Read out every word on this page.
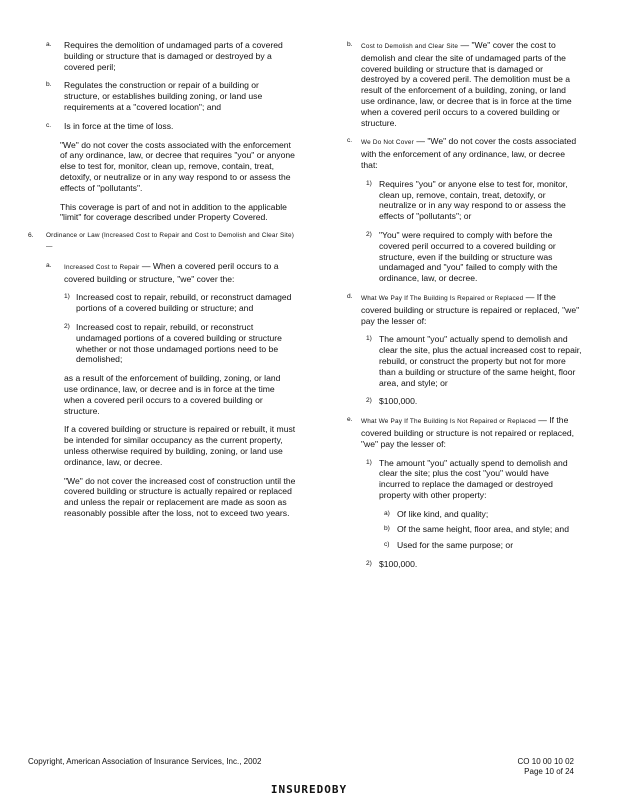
a. Requires the demolition of undamaged parts of a covered building or structure that is damaged or destroyed by a covered peril;
b. Regulates the construction or repair of a building or structure, or establishes building zoning, or land use requirements at a "covered location"; and
c. Is in force at the time of loss.
"We" do not cover the costs associated with the enforcement of any ordinance, law, or decree that requires "you" or anyone else to test for, monitor, clean up, remove, contain, treat, detoxify, or neutralize or in any way respond to or assess the effects of "pollutants".
This coverage is part of and not in addition to the applicable "limit" for coverage described under Property Covered.
6. Ordinance or Law (Increased Cost to Repair and Cost to Demolish and Clear Site) —
a. Increased Cost to Repair — When a covered peril occurs to a covered building or structure, "we" cover the:
1) Increased cost to repair, rebuild, or reconstruct damaged portions of a covered building or structure; and
2) Increased cost to repair, rebuild, or reconstruct undamaged portions of a covered building or structure whether or not those undamaged portions need to be demolished;
as a result of the enforcement of building, zoning, or land use ordinance, law, or decree and is in force at the time when a covered peril occurs to a covered building or structure.
If a covered building or structure is repaired or rebuilt, it must be intended for similar occupancy as the current property, unless otherwise required by building, zoning, or land use ordinance, law, or decree.
"We" do not cover the increased cost of construction until the covered building or structure is actually repaired or replaced and unless the repair or replacement are made as soon as reasonably possible after the loss, not to exceed two years.
b. Cost to Demolish and Clear Site — "We" cover the cost to demolish and clear the site of undamaged parts of the covered building or structure that is damaged or destroyed by a covered peril. The demolition must be a result of the enforcement of a building, zoning, or land use ordinance, law, or decree that is in force at the time when a covered peril occurs to a covered building or structure.
c. We Do Not Cover — "We" do not cover the costs associated with the enforcement of any ordinance, law, or decree that:
1) Requires "you" or anyone else to test for, monitor, clean up, remove, contain, treat, detoxify, or neutralize or in any way respond to or assess the effects of "pollutants"; or
2) "You" were required to comply with before the covered peril occurred to a covered building or structure, even if the building or structure was undamaged and "you" failed to comply with the ordinance, law, or decree.
d. What We Pay If The Building Is Repaired or Replaced — If the covered building or structure is repaired or replaced, "we" pay the lesser of:
1) The amount "you" actually spend to demolish and clear the site, plus the actual increased cost to repair, rebuild, or construct the property but not for more than a building or structure of the same height, floor area, and style; or
2) $100,000.
e. What We Pay If The Building Is Not Repaired or Replaced — If the covered building or structure is not repaired or replaced, "we" pay the lesser of:
1) The amount "you" actually spend to demolish and clear the site; plus the cost "you" would have incurred to replace the damaged or destroyed property with other property:
a) Of like kind, and quality;
b) Of the same height, floor area, and style; and
c) Used for the same purpose; or
2) $100,000.
Copyright, American Association of Insurance Services, Inc., 2002	CO 10 00 10 02
Page 10 of 24
INSUREDOBY
